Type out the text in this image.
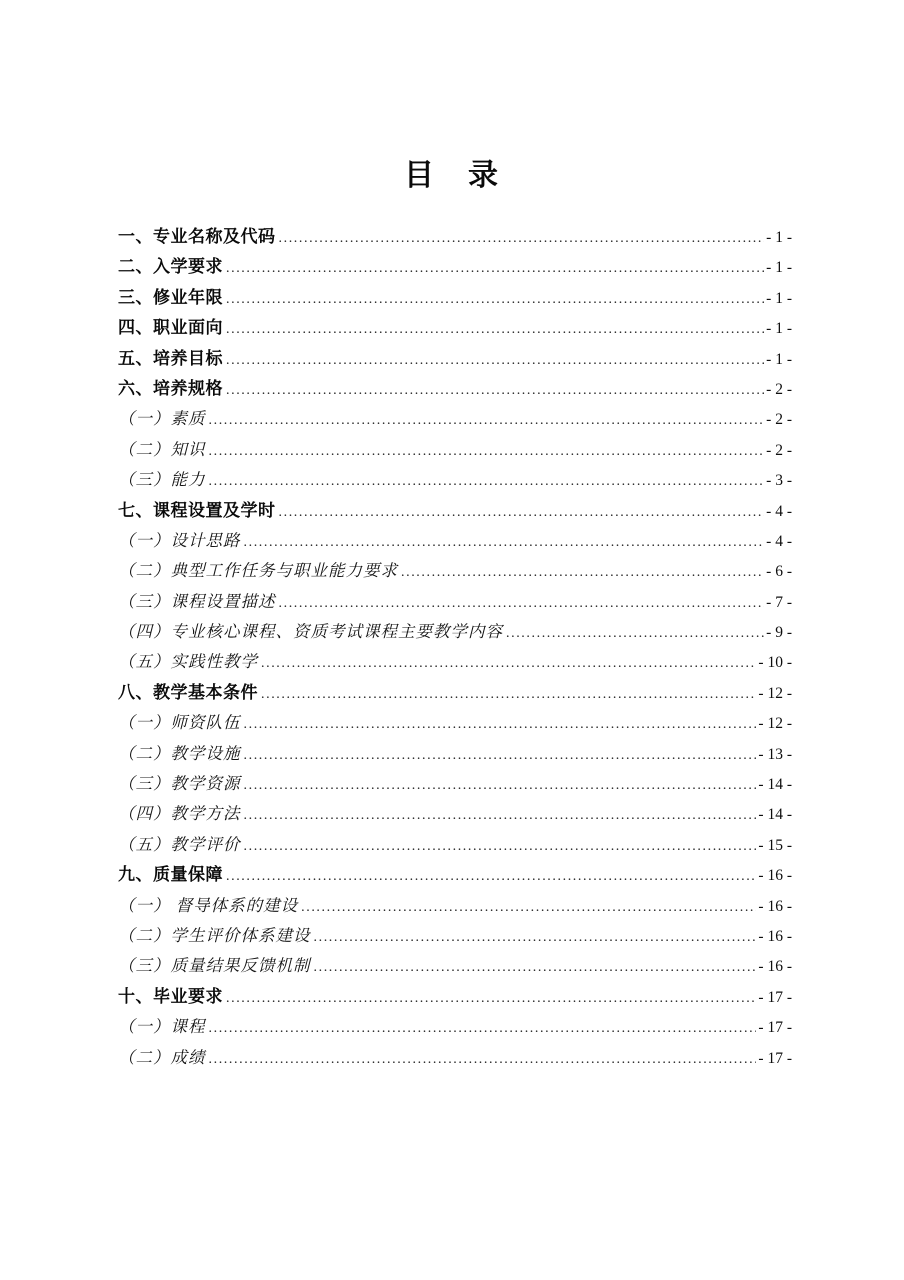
目　录
一、专业名称及代码 .....	- 1 -
二、入学要求 .....	- 1 -
三、修业年限 .....	- 1 -
四、职业面向 .....	- 1 -
五、培养目标 .....	- 1 -
六、培养规格 .....	- 2 -
（一）素质 .....	- 2 -
（二）知识 .....	- 2 -
（三）能力 .....	- 3 -
七、课程设置及学时 .....	- 4 -
（一）设计思路 .....	- 4 -
（二）典型工作任务与职业能力要求 .....	- 6 -
（三）课程设置描述 .....	- 7 -
（四）专业核心课程、资质考试课程主要教学内容 .....	- 9 -
（五）实践性教学 .....	- 10 -
八、教学基本条件 .....	- 12 -
（一）师资队伍 .....	- 12 -
（二）教学设施 .....	- 13 -
（三）教学资源 .....	- 14 -
（四）教学方法 .....	- 14 -
（五）教学评价 .....	- 15 -
九、质量保障 .....	- 16 -
（一） 督导体系的建设 .....	- 16 -
（二）学生评价体系建设 .....	- 16 -
（三）质量结果反馈机制 .....	- 16 -
十、毕业要求 .....	- 17 -
（一）课程 .....	- 17 -
（二）成绩 .....	- 17 -
